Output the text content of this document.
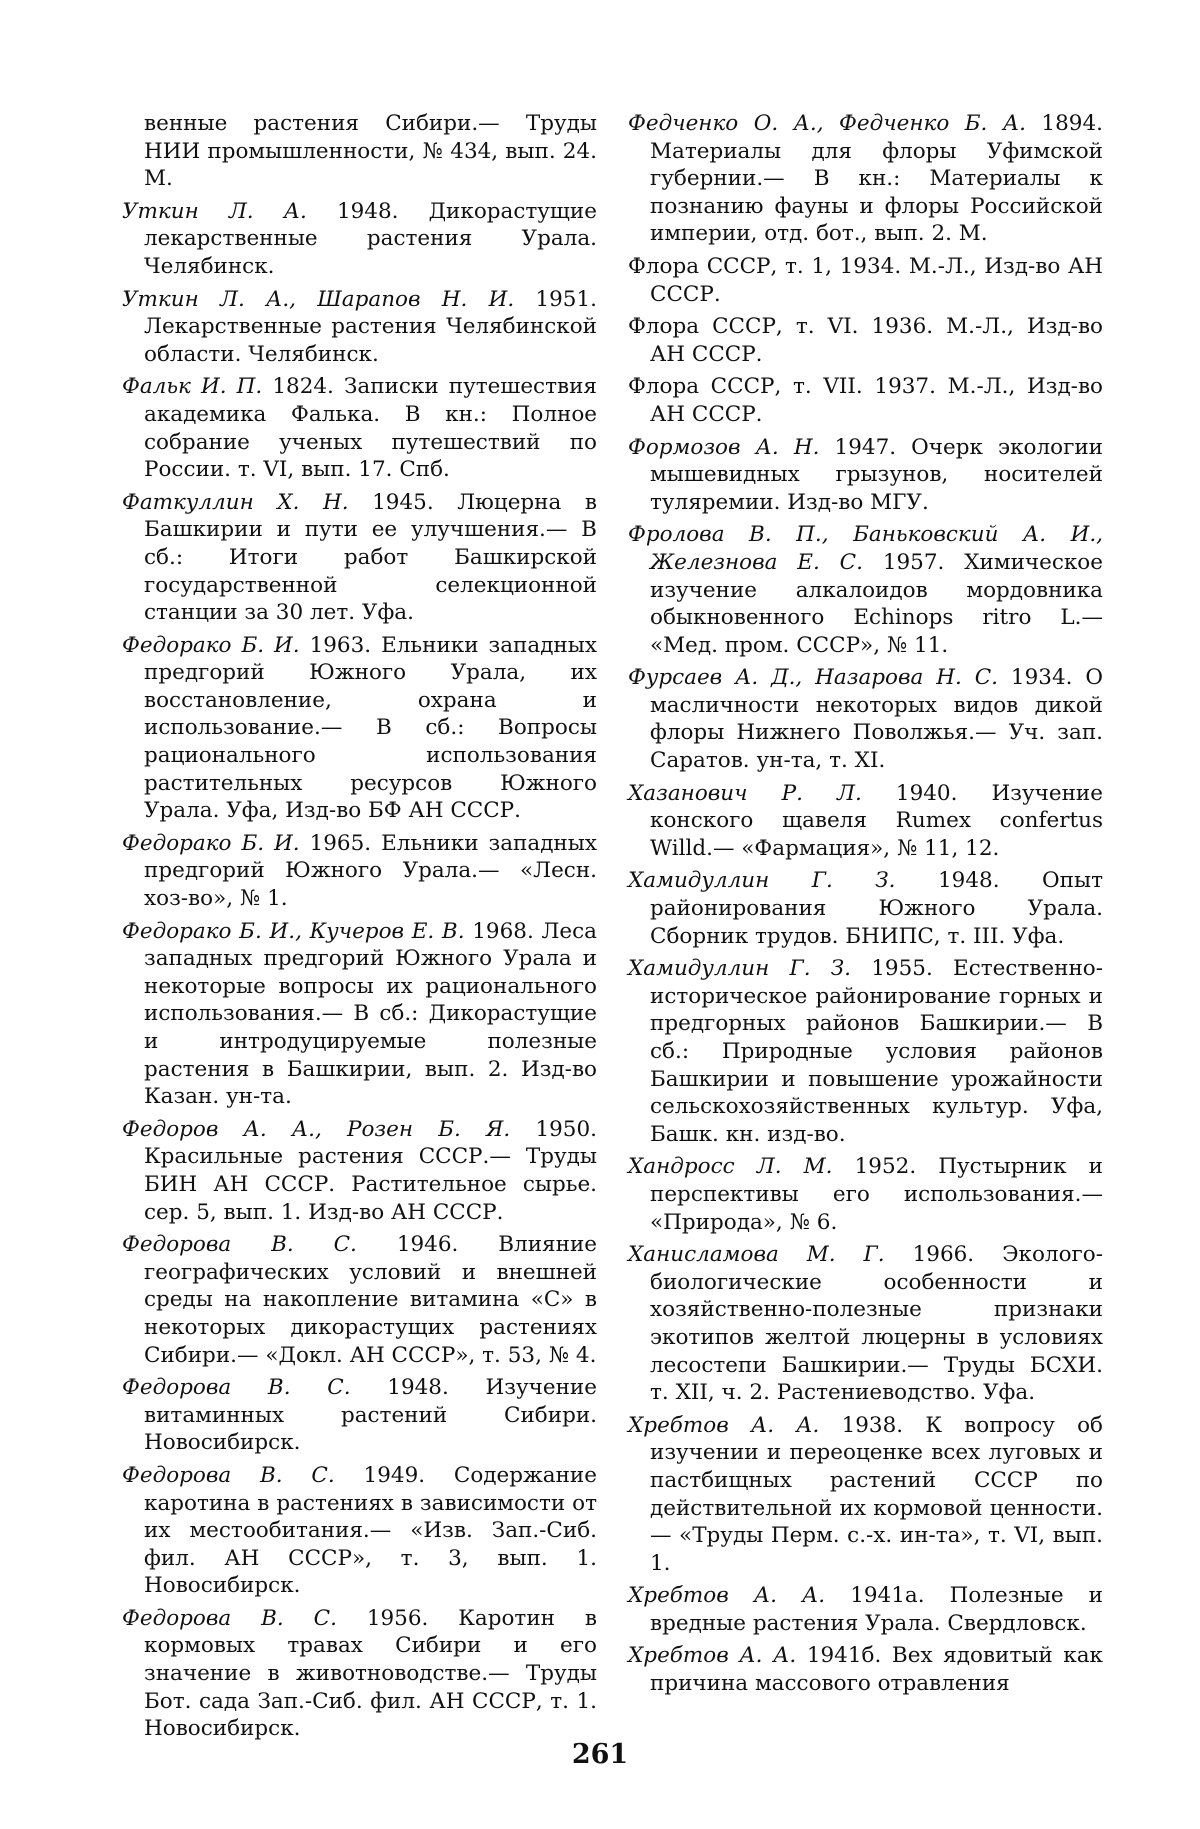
венные растения Сибири.— Труды НИИ промышленности, № 434, вып. 24. М.

Уткин Л. А. 1948. Дикорастущие лекарственные растения Урала. Челябинск.

Уткин Л. А., Шарапов Н. И. 1951. Лекарственные растения Челябинской области. Челябинск.

Фальк И. П. 1824. Записки путешествия академика Фалька. В кн.: Полное собрание ученых путешествий по России. т. VI, вып. 17. Спб.

Фаткуллин Х. Н. 1945. Люцерна в Башкирии и пути ее улучшения.— В сб.: Итоги работ Башкирской государственной селекционной станции за 30 лет. Уфа.

Федорако Б. И. 1963. Ельники западных предгорий Южного Урала, их восстановление, охрана и использование.— В сб.: Вопросы рационального использования растительных ресурсов Южного Урала. Уфа, Изд-во БФ АН СССР.

Федорако Б. И. 1965. Ельники западных предгорий Южного Урала.— «Лесн. хоз-во», № 1.

Федорако Б. И., Кучеров Е. В. 1968. Леса западных предгорий Южного Урала и некоторые вопросы их рационального использования.— В сб.: Дикорастущие и интродуцируемые полезные растения в Башкирии, вып. 2. Изд-во Казан. ун-та.

Федоров А. А., Розен Б. Я. 1950. Красильные растения СССР.— Труды БИН АН СССР. Растительное сырье. сер. 5, вып. 1. Изд-во АН СССР.

Федорова В. С. 1946. Влияние географических условий и внешней среды на накопление витамина «С» в некоторых дикорастущих растениях Сибири.— «Докл. АН СССР», т. 53, № 4.

Федорова В. С. 1948. Изучение витаминных растений Сибири. Новосибирск.

Федорова В. С. 1949. Содержание каротина в растениях в зависимости от их местообитания.— «Изв. Зап.-Сиб. фил. АН СССР», т. 3, вып. 1. Новосибирск.

Федорова В. С. 1956. Каротин в кормовых травах Сибири и его значение в животноводстве.— Труды Бот. сада Зап.-Сиб. фил. АН СССР, т. 1. Новосибирск.

Федченко О. А., Федченко Б. А. 1894. Материалы для флоры Уфимской губернии.— В кн.: Материалы к познанию фауны и флоры Российской империи, отд. бот., вып. 2. М.

Флора СССР, т. 1, 1934. М.-Л., Изд-во АН СССР.

Флора СССР, т. VI. 1936. М.-Л., Изд-во АН СССР.

Флора СССР, т. VII. 1937. М.-Л., Изд-во АН СССР.

Формозов А. Н. 1947. Очерк экологии мышевидных грызунов, носителей туляремии. Изд-во МГУ.

Фролова В. П., Баньковский А. И., Железнова Е. С. 1957. Химическое изучение алкалоидов мордовника обыкновенного Echinops ritro L.— «Мед. пром. СССР», № 11.

Фурсаев А. Д., Назарова Н. С. 1934. О масличности некоторых видов дикой флоры Нижнего Поволжья.— Уч. зап. Саратов. ун-та, т. XI.

Хазанович Р. Л. 1940. Изучение конского щавеля Rumex confertus Willd.— «Фармация», № 11, 12.

Хамидуллин Г. З. 1948. Опыт районирования Южного Урала. Сборник трудов. БНИПС, т. III. Уфа.

Хамидуллин Г. З. 1955. Естественно-историческое районирование горных и предгорных районов Башкирии.— В сб.: Природные условия районов Башкирии и повышение урожайности сельскохозяйственных культур. Уфа, Башк. кн. изд-во.

Хандросс Л. М. 1952. Пустырник и перспективы его использования.— «Природа», № 6.

Ханисламова М. Г. 1966. Эколого-биологические особенности и хозяйственно-полезные признаки экотипов желтой люцерны в условиях лесостепи Башкирии.— Труды БСХИ. т. XII, ч. 2. Растениеводство. Уфа.

Хребтов А. А. 1938. К вопросу об изучении и переоценке всех луговых и пастбищных растений СССР по действительной их кормовой ценности.— «Труды Перм. с.-х. ин-та», т. VI, вып. 1.

Хребтов А. А. 1941а. Полезные и вредные растения Урала. Свердловск.

Хребтов А. А. 1941б. Вех ядовитый как причина массового отравления

261
